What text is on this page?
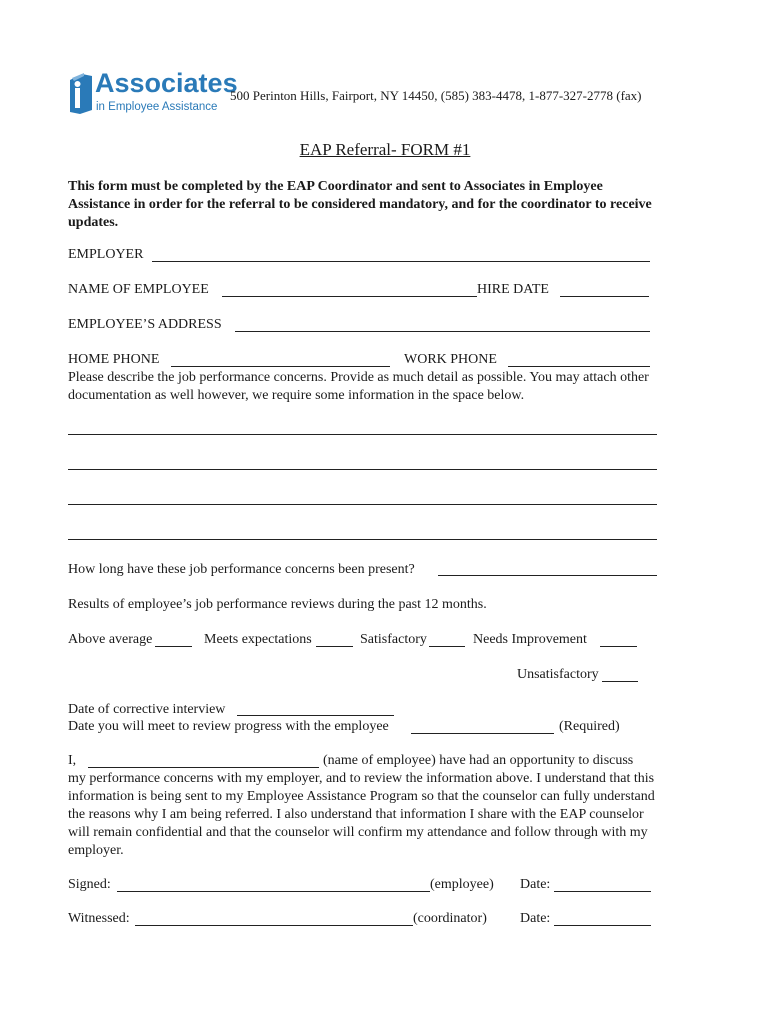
Associates
in Employee Assistance
500 Perinton Hills, Fairport, NY 14450, (585) 383-4478, 1-877-327-2778 (fax)
EAP Referral- FORM #1
This form must be completed by the EAP Coordinator and sent to Associates in Employee Assistance in order for the referral to be considered mandatory, and for the coordinator to receive updates.
EMPLOYER
NAME OF EMPLOYEE	HIRE DATE
EMPLOYEE’S ADDRESS
HOME PHONE	WORK PHONE
Please describe the job performance concerns. Provide as much detail as possible. You may attach other documentation as well however, we require some information in the space below.
How long have these job performance concerns been present?
Results of employee’s job performance reviews during the past 12 months.
Above average	Meets expectations	Satisfactory	Needs Improvement
Unsatisfactory
Date of corrective interview
Date you will meet to review progress with the employee	(Required)
I,	(name of employee) have had an opportunity to discuss
my performance concerns with my employer, and to review the information above. I understand that this information is being sent to my Employee Assistance Program so that the counselor can fully understand the reasons why I am being referred. I also understand that information I share with the EAP counselor will remain confidential and that the counselor will confirm my attendance and follow through with my employer.
Signed:	(employee) Date:
Witnessed:	(coordinator) Date:
